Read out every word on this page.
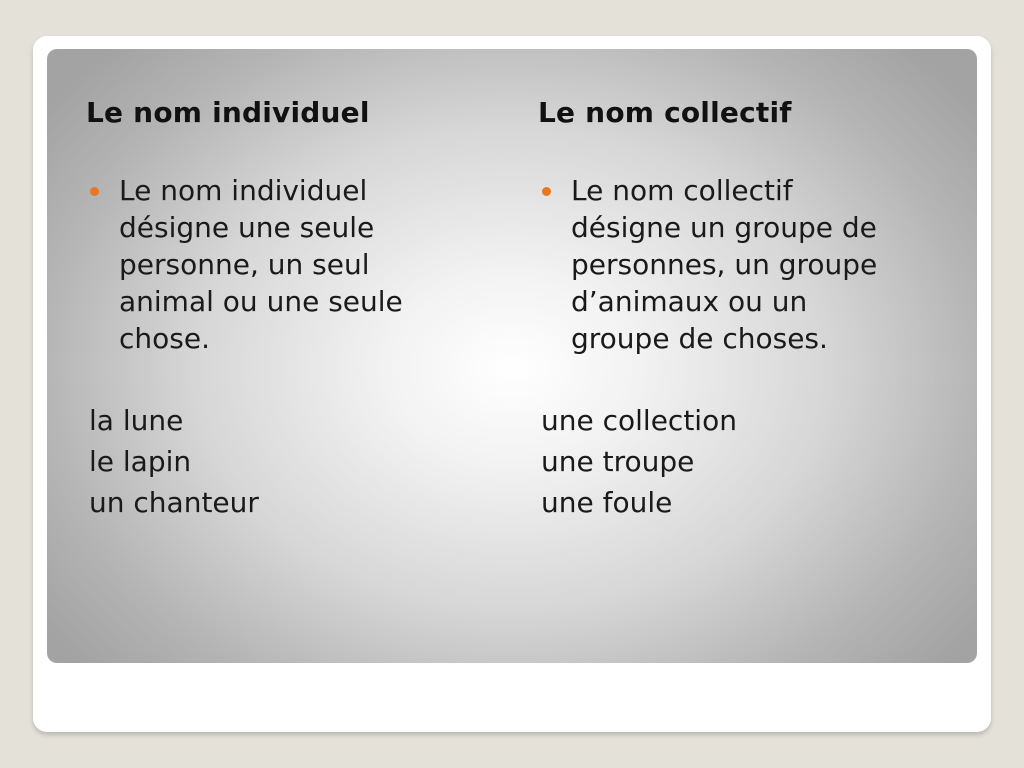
Le nom individuel
Le nom individuel
désigne une seule
personne, un seul
animal ou une seule
chose.
la lune
le lapin
un chanteur
Le nom collectif
Le nom collectif
désigne un groupe de
personnes, un groupe
d’animaux ou un
groupe de choses.
une collection
une troupe
une foule
